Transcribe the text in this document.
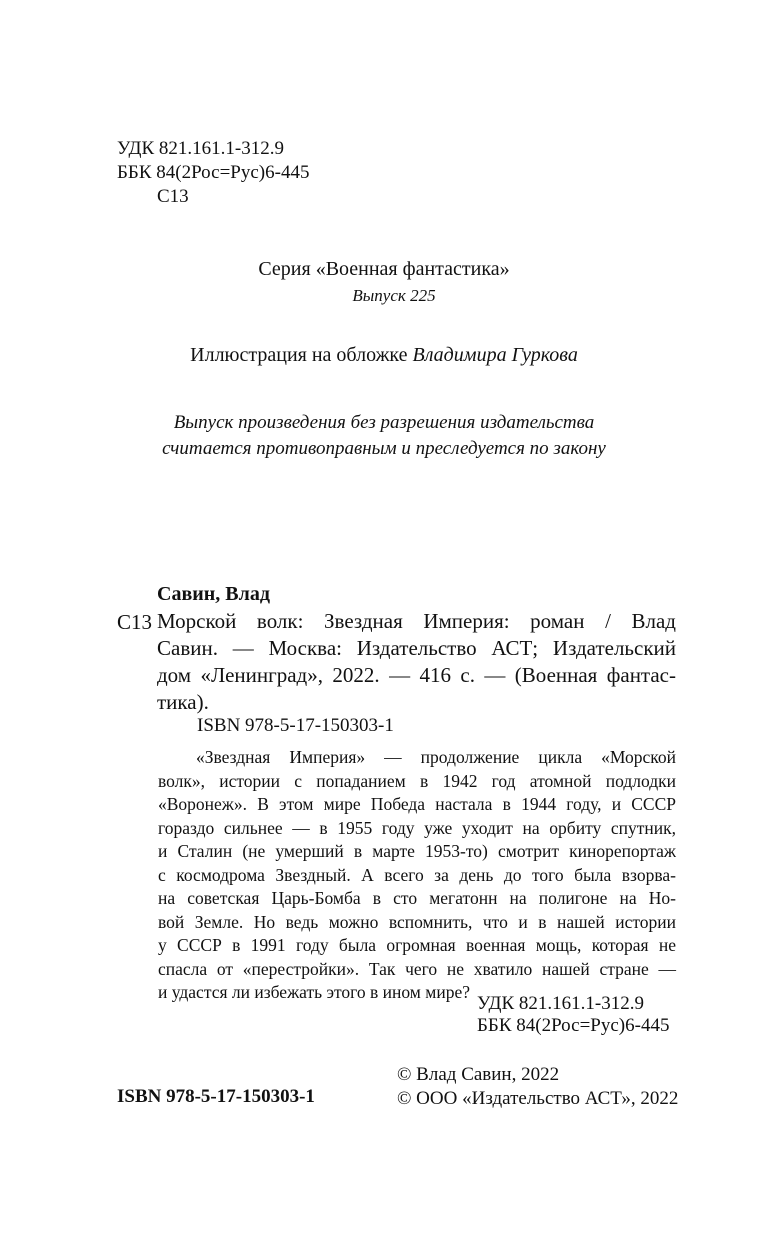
УДК 821.161.1-312.9
ББК 84(2Рос=Рус)6-445
С13
Серия «Военная фантастика»
Выпуск 225
Иллюстрация на обложке Владимира Гуркова
Выпуск произведения без разрешения издательства
считается противоправным и преследуется по закону
Савин, Влад
С13 Морской волк: Звездная Империя: роман / Влад
Савин. — Москва: Издательство АСТ; Издательский
дом «Ленинград», 2022. — 416 с. — (Военная фантас-
тика).
ISBN 978-5-17-150303-1
«Звездная Империя» — продолжение цикла «Морской
волк», истории с попаданием в 1942 год атомной подлодки
«Воронеж». В этом мире Победа настала в 1944 году, и СССР
гораздо сильнее — в 1955 году уже уходит на орбиту спутник,
и Сталин (не умерший в марте 1953-то) смотрит кинорепортаж
с космодрома Звездный. А всего за день до того была взорва-
на советская Царь-Бомба в сто мегатонн на полигоне на Но-
вой Земле. Но ведь можно вспомнить, что и в нашей истории
у СССР в 1991 году была огромная военная мощь, которая не
спасла от «перестройки». Так чего не хватило нашей стране —
и удастся ли избежать этого в ином мире?
УДК 821.161.1-312.9
ББК 84(2Рос=Рус)6-445
© Влад Савин, 2022
© ООО «Издательство АСТ», 2022
ISBN 978-5-17-150303-1
